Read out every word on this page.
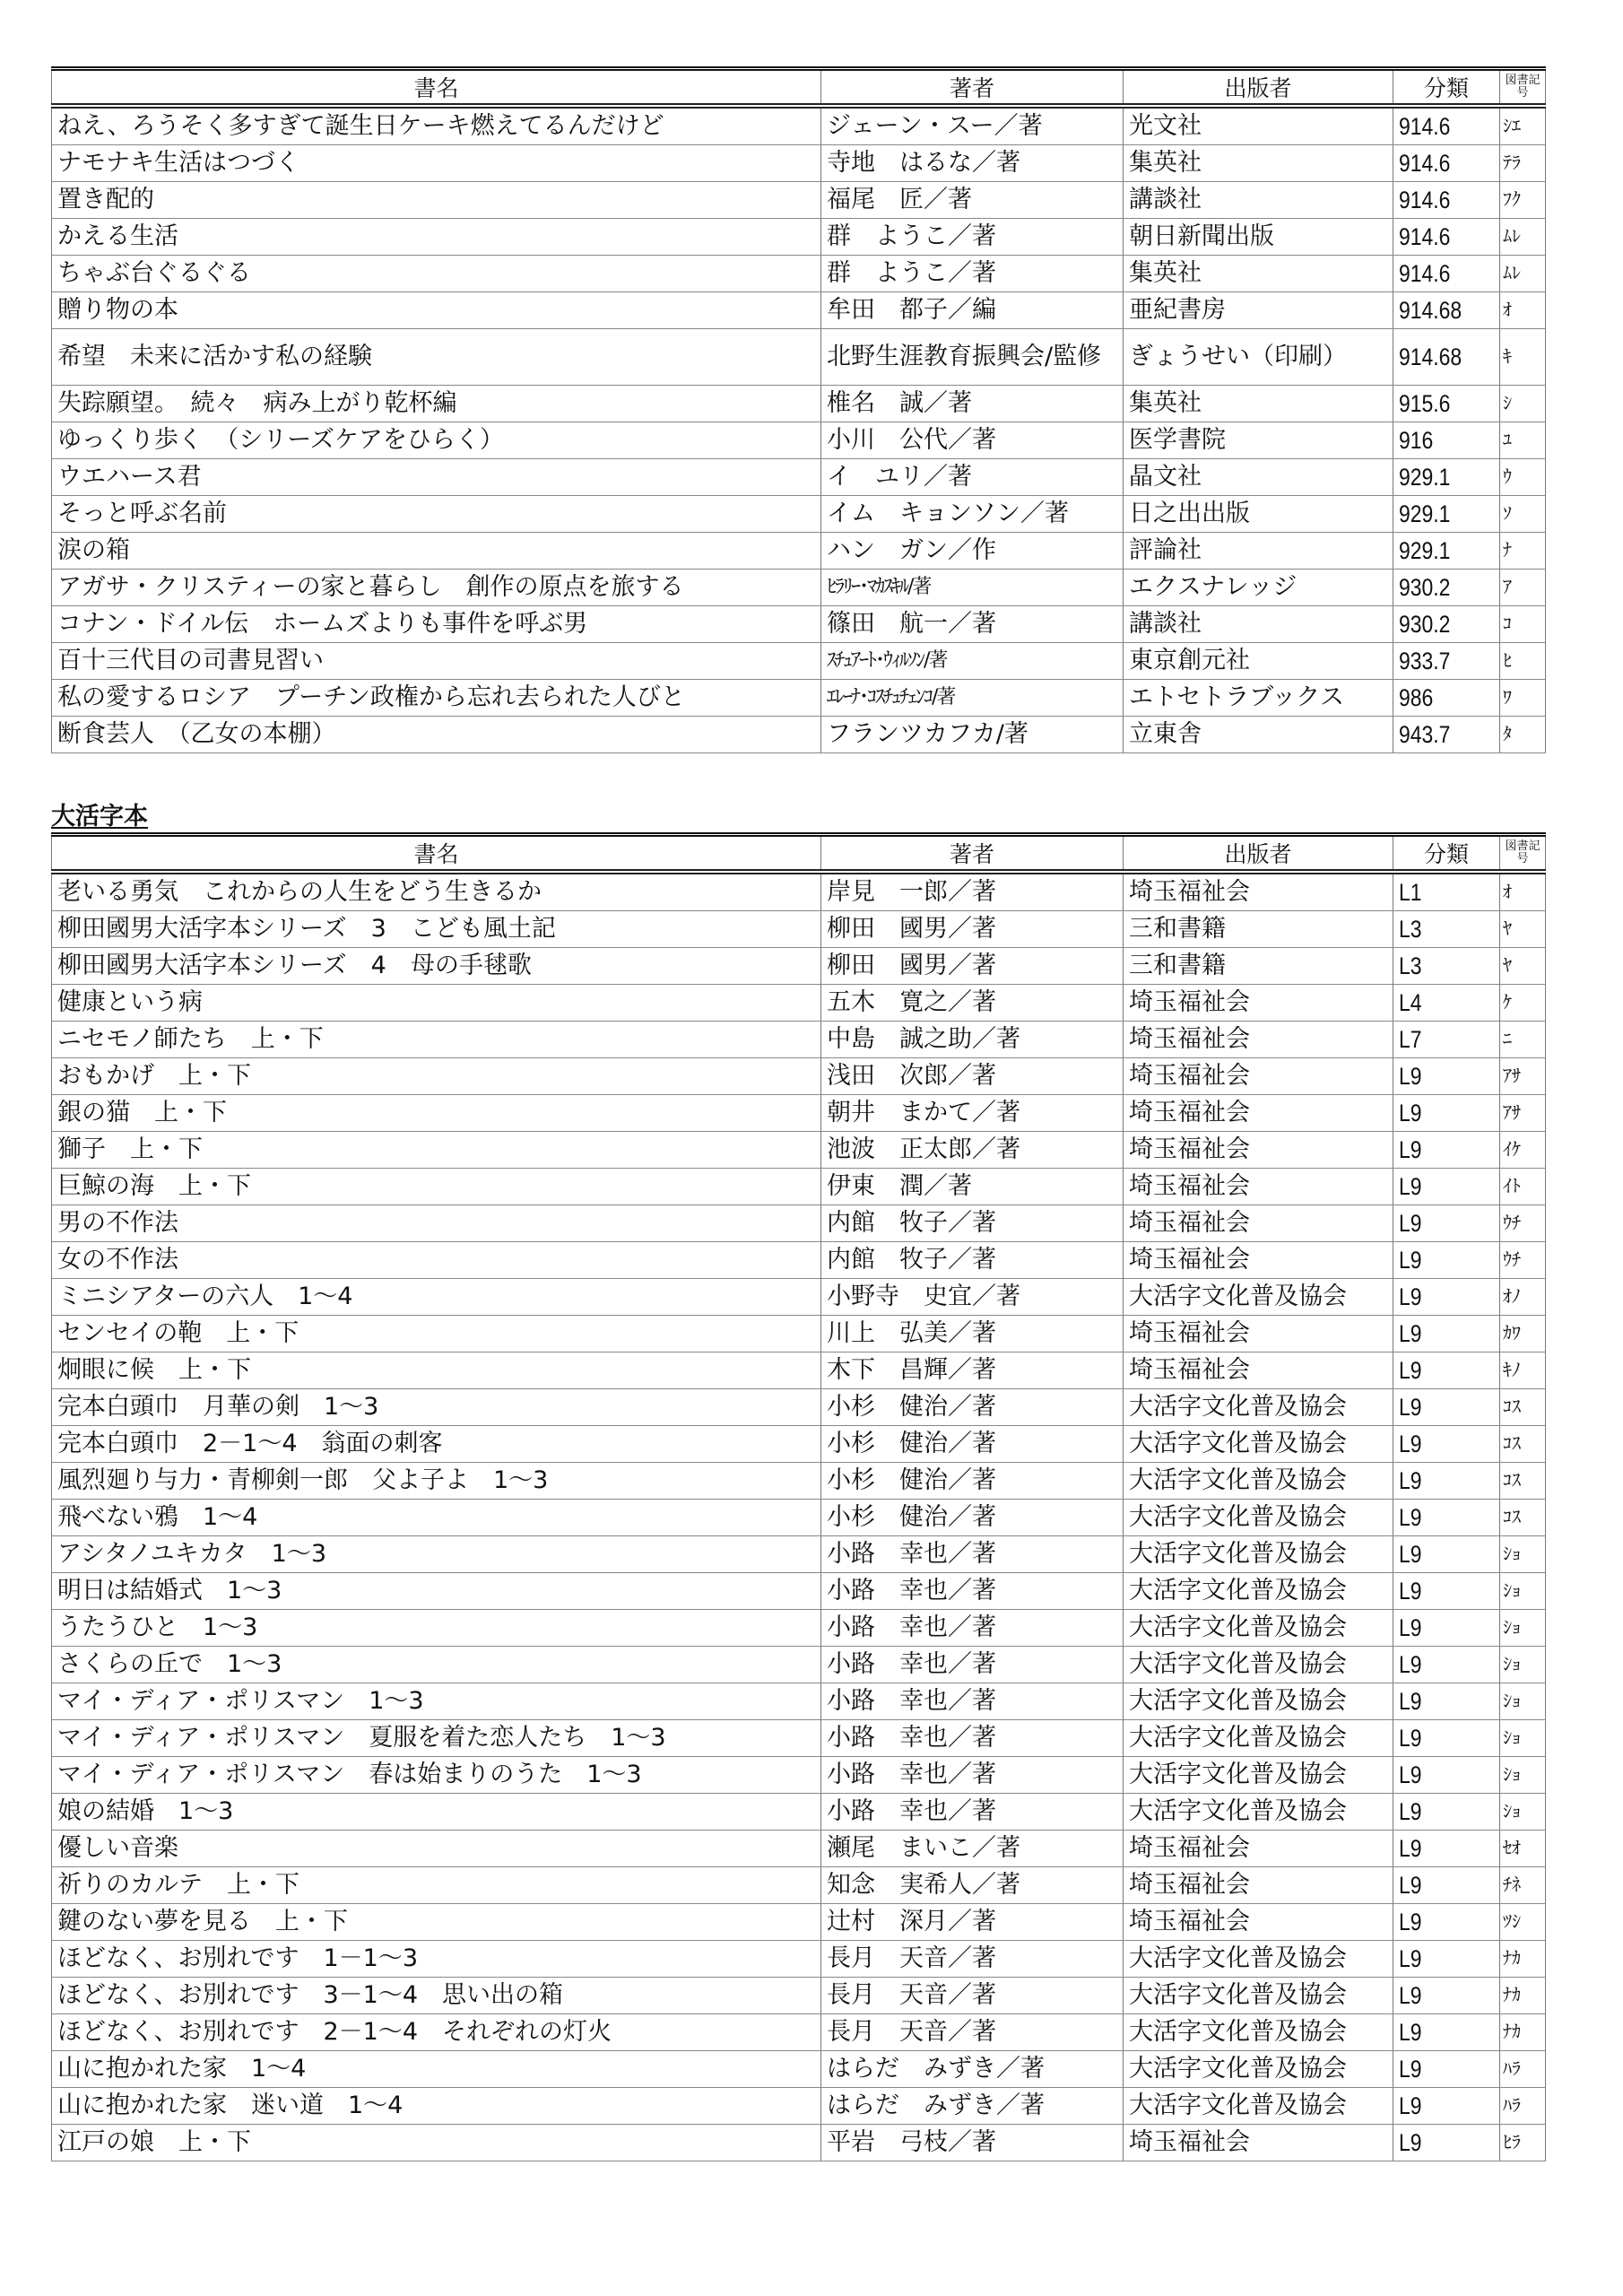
書名	著者	出版者	分類	図書記号
ねえ、ろうそく多すぎて誕生日ケーキ燃えてるんだけど	ジェーン・スー／著	光文社	914.6	ｼｴ
ナモナキ生活はつづく	寺地　はるな／著	集英社	914.6	ﾃﾗ
置き配的	福尾　匠／著	講談社	914.6	ﾌｸ
かえる生活	群　ようこ／著	朝日新聞出版	914.6	ﾑﾚ
ちゃぶ台ぐるぐる	群　ようこ／著	集英社	914.6	ﾑﾚ
贈り物の本	牟田　都子／編	亜紀書房	914.68	ｵ
希望　未来に活かす私の経験	北野生涯教育振興会/監修	ぎょうせい（印刷）	914.68	ｷ
失踪願望。　続々　病み上がり乾杯編	椎名　誠／著	集英社	915.6	ｼ
ゆっくり歩く　（シリーズケアをひらく）	小川　公代／著	医学書院	916	ﾕ
ウエハース君	イ　ユリ／著	晶文社	929.1	ｳ
そっと呼ぶ名前	イム　キョンソン／著	日之出出版	929.1	ｿ
涙の箱	ハン　ガン／作	評論社	929.1	ﾅ
アガサ・クリスティーの家と暮らし　創作の原点を旅する	ﾋﾗﾘｰ･ﾏｶｽｷﾙ/著	エクスナレッジ	930.2	ｱ
コナン・ドイル伝　ホームズよりも事件を呼ぶ男	篠田　航一／著	講談社	930.2	ｺ
百十三代目の司書見習い	ｽﾁｭｱｰﾄ･ｳｨﾙｿﾝ/著	東京創元社	933.7	ﾋ
私の愛するロシア　プーチン政権から忘れ去られた人びと	ｴﾚｰﾅ･ｺｽﾁｭﾁｪﾝｺ/著	エトセトラブックス	986	ﾜ
断食芸人　（乙女の本棚）	フランツカフカ/著	立東舎	943.7	ﾀ
大活字本
書名	著者	出版者	分類	図書記号
老いる勇気　これからの人生をどう生きるか	岸見　一郎／著	埼玉福祉会	L1	ｵ
柳田國男大活字本シリーズ　3　こども風土記	柳田　國男／著	三和書籍	L3	ﾔ
柳田國男大活字本シリーズ　4　母の手毬歌	柳田　國男／著	三和書籍	L3	ﾔ
健康という病	五木　寛之／著	埼玉福祉会	L4	ｹ
ニセモノ師たち　上・下	中島　誠之助／著	埼玉福祉会	L7	ﾆ
おもかげ　上・下	浅田　次郎／著	埼玉福祉会	L9	ｱｻ
銀の猫　上・下	朝井　まかて／著	埼玉福祉会	L9	ｱｻ
獅子　上・下	池波　正太郎／著	埼玉福祉会	L9	ｲｹ
巨鯨の海　上・下	伊東　潤／著	埼玉福祉会	L9	ｲﾄ
男の不作法	内館　牧子／著	埼玉福祉会	L9	ｳﾁ
女の不作法	内館　牧子／著	埼玉福祉会	L9	ｳﾁ
ミニシアターの六人　1～4	小野寺　史宜／著	大活字文化普及協会	L9	ｵﾉ
センセイの鞄　上・下	川上　弘美／著	埼玉福祉会	L9	ｶﾜ
炯眼に候　上・下	木下　昌輝／著	埼玉福祉会	L9	ｷﾉ
完本白頭巾　月華の剣　1～3	小杉　健治／著	大活字文化普及協会	L9	ｺｽ
完本白頭巾　2－1～4　翁面の刺客	小杉　健治／著	大活字文化普及協会	L9	ｺｽ
風烈廻り与力・青柳剣一郎　父よ子よ　1～3	小杉　健治／著	大活字文化普及協会	L9	ｺｽ
飛べない鴉　1～4	小杉　健治／著	大活字文化普及協会	L9	ｺｽ
アシタノユキカタ　1～3	小路　幸也／著	大活字文化普及協会	L9	ｼｮ
明日は結婚式　1～3	小路　幸也／著	大活字文化普及協会	L9	ｼｮ
うたうひと　1～3	小路　幸也／著	大活字文化普及協会	L9	ｼｮ
さくらの丘で　1～3	小路　幸也／著	大活字文化普及協会	L9	ｼｮ
マイ・ディア・ポリスマン　1～3	小路　幸也／著	大活字文化普及協会	L9	ｼｮ
マイ・ディア・ポリスマン　夏服を着た恋人たち　1～3	小路　幸也／著	大活字文化普及協会	L9	ｼｮ
マイ・ディア・ポリスマン　春は始まりのうた　1～3	小路　幸也／著	大活字文化普及協会	L9	ｼｮ
娘の結婚　1～3	小路　幸也／著	大活字文化普及協会	L9	ｼｮ
優しい音楽	瀬尾　まいこ／著	埼玉福祉会	L9	ｾｵ
祈りのカルテ　上・下	知念　実希人／著	埼玉福祉会	L9	ﾁﾈ
鍵のない夢を見る　上・下	辻村　深月／著	埼玉福祉会	L9	ﾂｼ
ほどなく、お別れです　1－1～3	長月　天音／著	大活字文化普及協会	L9	ﾅｶ
ほどなく、お別れです　3－1～4　思い出の箱	長月　天音／著	大活字文化普及協会	L9	ﾅｶ
ほどなく、お別れです　2－1～4　それぞれの灯火	長月　天音／著	大活字文化普及協会	L9	ﾅｶ
山に抱かれた家　1～4	はらだ　みずき／著	大活字文化普及協会	L9	ﾊﾗ
山に抱かれた家　迷い道　1～4	はらだ　みずき／著	大活字文化普及協会	L9	ﾊﾗ
江戸の娘　上・下	平岩　弓枝／著	埼玉福祉会	L9	ﾋﾗ
